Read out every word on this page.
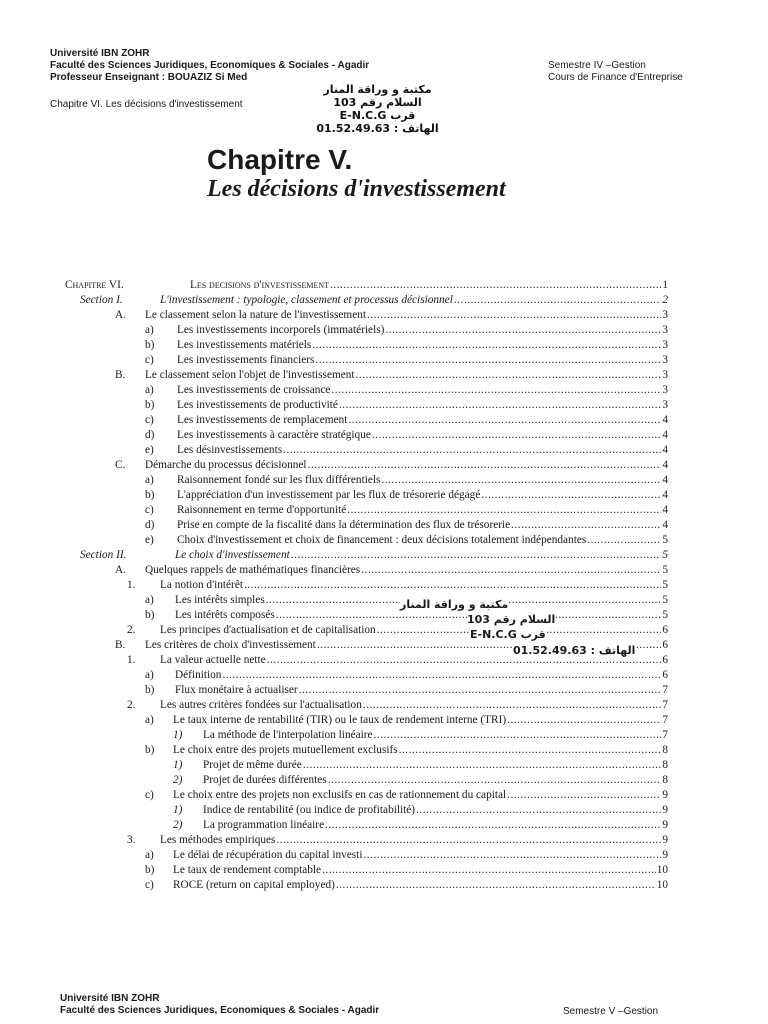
Université IBN ZOHR
Faculté des Sciences Juridiques, Economiques & Sociales - Agadir
Professeur Enseignant : BOUAZIZ Si Med
Semestre IV –Gestion
Cours de Finance d'Entreprise
Chapitre VI. Les décisions d'investissement
مكتبة و وراقة المنار
السلام رقم 103
E-N.C.G قرب
الهاتف : 01.52.49.63
Chapitre V.
Les décisions d'investissement
Chapitre VI.	Les decisions d'investissement .....	1
Section I.	L'investissement : typologie, classement et processus décisionnel .....	2
A.	Le classement selon la nature de l'investissement .....	3
a)	Les investissements incorporels (immatériels) .....	3
b)	Les investissements matériels .....	3
c)	Les investissements financiers .....	3
B.	Le classement selon l'objet de l'investissement .....	3
a)	Les investissements de croissance .....	3
b)	Les investissements de productivité .....	3
c)	Les investissements de remplacement .....	4
d)	Les investissements à caractère stratégique .....	4
e)	Les désinvestissements .....	4
C.	Démarche du processus décisionnel .....	4
a)	Raisonnement fondé sur les flux différentiels .....	4
b)	L'appréciation d'un investissement par les flux de trésorerie dégagé .....	4
c)	Raisonnement en terme d'opportunité .....	4
d)	Prise en compte de la fiscalité dans la détermination des flux de trésorerie .....	4
e)	Choix d'investissement et choix de financement : deux décisions totalement indépendantes .....	5
Section II.	Le choix d'investissement .....	5
A.	Quelques rappels de mathématiques financières .....	5
1.	La notion d'intérêt .....	5
a)	Les intérêts simples .....	5
b)	Les intérêts composés .....	5
2.	Les principes d'actualisation et de capitalisation .....	6
B.	Les critères de choix d'investissement .....	6
1.	La valeur actuelle nette .....	6
a)	Définition .....	6
b)	Flux monétaire à actualiser .....	7
2.	Les autres critères fondées sur l'actualisation .....	7
a)	Le taux interne de rentabilité (TIR) ou le taux de rendement interne (TRI) .....	7
1)	La méthode de l'interpolation linéaire .....	7
b)	Le choix entre des projets mutuellement exclusifs .....	8
1)	Projet de même durée .....	8
2)	Projet de durées différentes .....	8
c)	Le choix entre des projets non exclusifs en cas de rationnement du capital .....	9
1)	Indice de rentabilité (ou indice de profitabilité) .....	9
2)	La programmation linéaire .....	9
3.	Les méthodes empiriques .....	9
a)	Le délai de récupération du capital investi .....	9
b)	Le taux de rendement comptable .....	10
c)	ROCE (return on capital employed) .....	10
مكتبة و وراقة المنار
السلام رقم 103
E-N.C.G قرب
الهاتف : 01.52.49.63
Université IBN ZOHR
Faculté des Sciences Juridiques, Economiques & Sociales - Agadir	Semestre V –Gestion
